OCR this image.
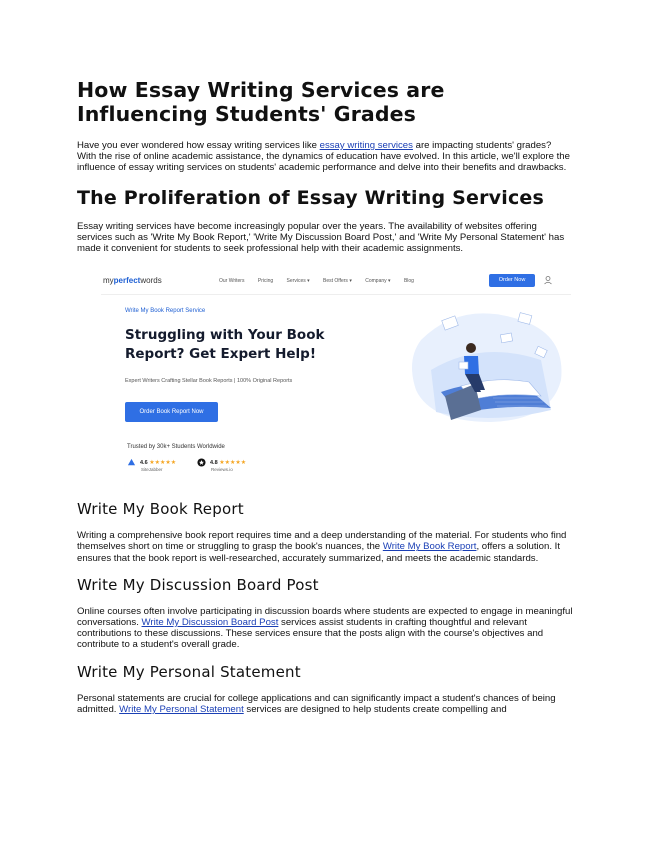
How Essay Writing Services are Influencing Students' Grades

Have you ever wondered how essay writing services like essay writing services are impacting students' grades? With the rise of online academic assistance, the dynamics of education have evolved. In this article, we'll explore the influence of essay writing services on students' academic performance and delve into their benefits and drawbacks.

The Proliferation of Essay Writing Services

Essay writing services have become increasingly popular over the years. The availability of websites offering services such as 'Write My Book Report,' 'Write My Discussion Board Post,' and 'Write My Personal Statement' has made it convenient for students to seek professional help with their academic assignments.

myperfectwords	Our Writers	Pricing	Services ▾	Best Offers ▾	Company ▾	Blog	Order Now
Write My Book Report Service
Struggling with Your Book Report? Get Expert Help!
Expert Writers Crafting Stellar Book Reports | 100% Original Reports
Order Book Report Now
Trusted by 30k+ Students Worldwide
4.6 ★★★★★
SiteJabber
4.8 ★★★★★
Reviews.io
Write My Book Report

Writing a comprehensive book report requires time and a deep understanding of the material. For students who find themselves short on time or struggling to grasp the book's nuances, the Write My Book Report, offers a solution. It ensures that the book report is well-researched, accurately summarized, and meets the academic standards.

Write My Discussion Board Post

Online courses often involve participating in discussion boards where students are expected to engage in meaningful conversations. Write My Discussion Board Post services assist students in crafting thoughtful and relevant contributions to these discussions. These services ensure that the posts align with the course's objectives and contribute to a student's overall grade.

Write My Personal Statement

Personal statements are crucial for college applications and can significantly impact a student's chances of being admitted. Write My Personal Statement services are designed to help students create compelling and
